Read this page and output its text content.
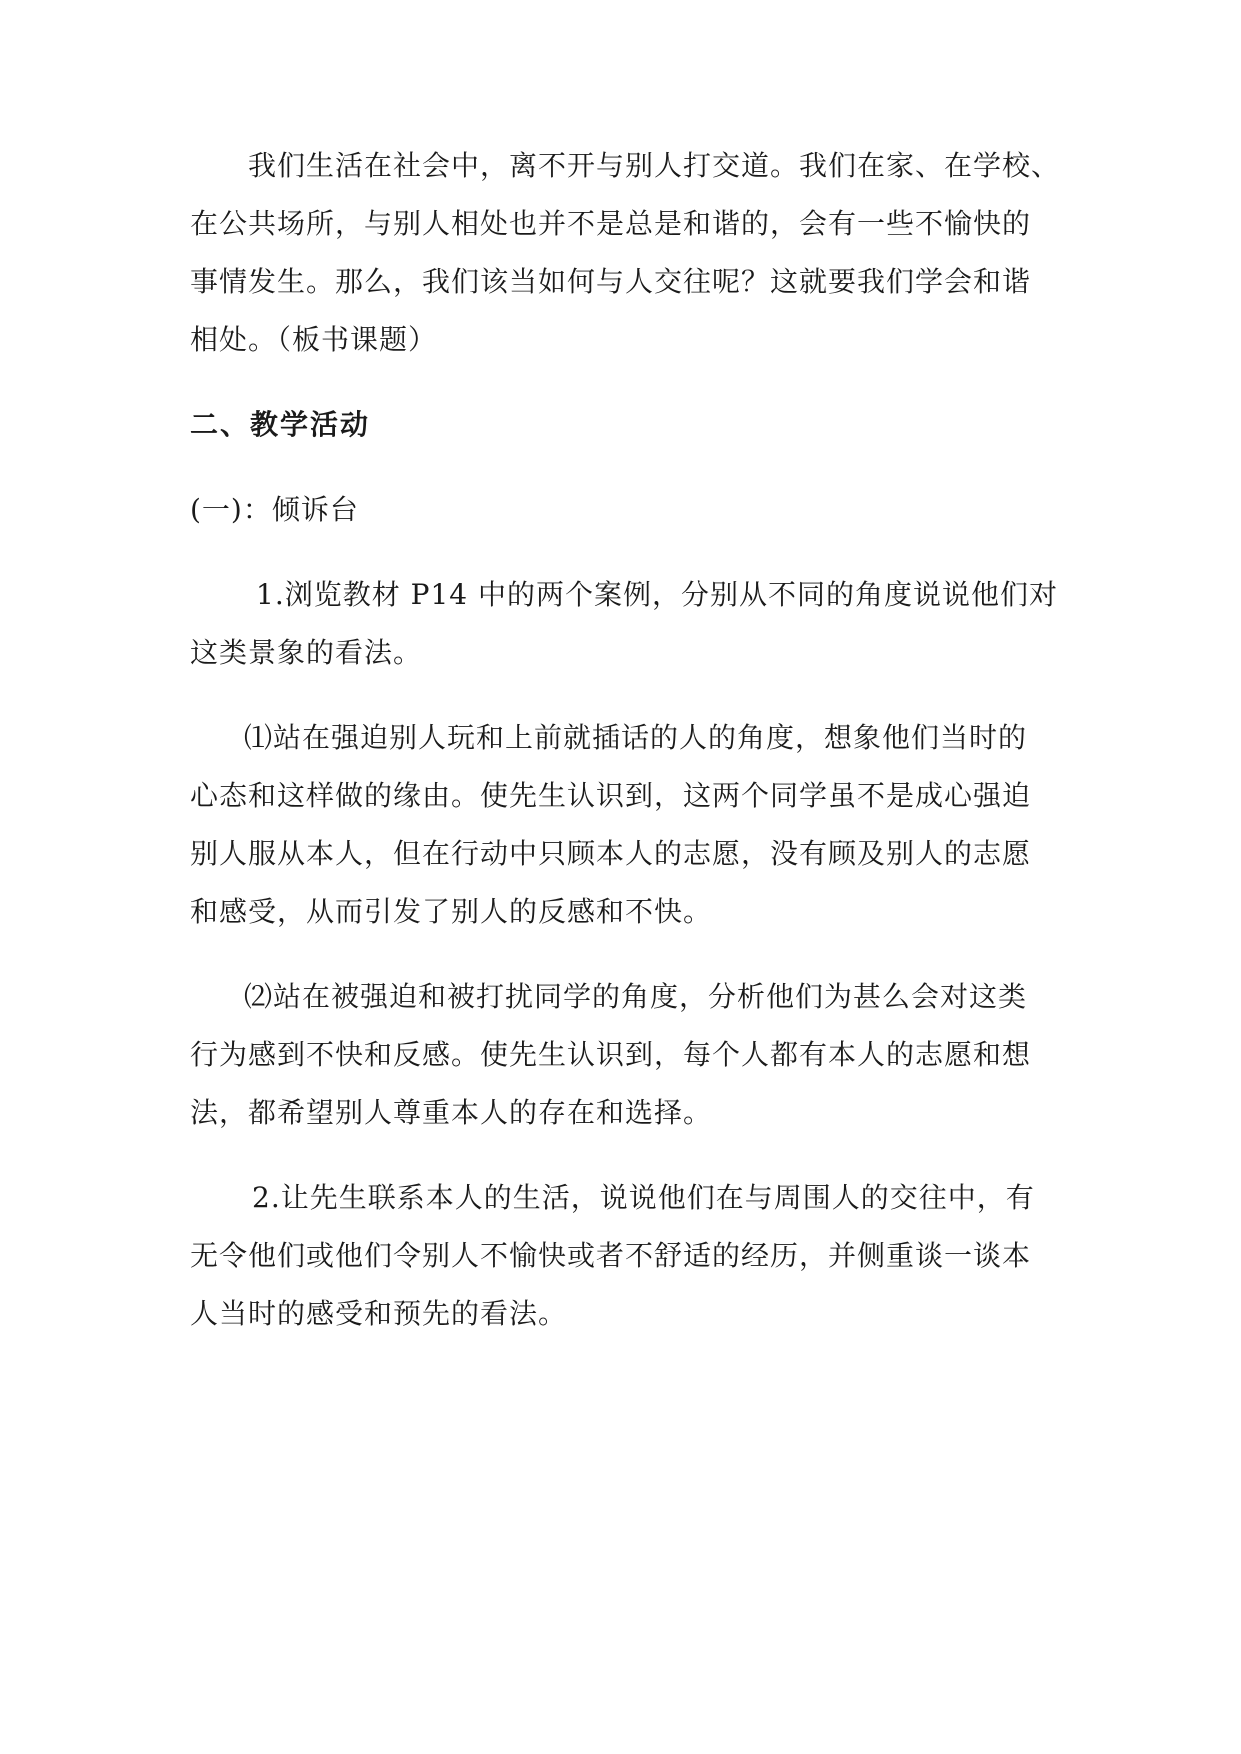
我们生活在社会中，离不开与别人打交道。我们在家、在学校、
在公共场所，与别人相处也并不是总是和谐的，会有一些不愉快的
事情发生。那么，我们该当如何与人交往呢？这就要我们学会和谐
相处。（板书课题）
二、教学活动
(一)：倾诉台
1.浏览教材 P14 中的两个案例，分别从不同的角度说说他们对
这类景象的看法。
⑴站在强迫别人玩和上前就插话的人的角度，想象他们当时的
心态和这样做的缘由。使先生认识到，这两个同学虽不是成心强迫
别人服从本人，但在行动中只顾本人的志愿，没有顾及别人的志愿
和感受，从而引发了别人的反感和不快。
⑵站在被强迫和被打扰同学的角度，分析他们为甚么会对这类
行为感到不快和反感。使先生认识到，每个人都有本人的志愿和想
法，都希望别人尊重本人的存在和选择。
2.让先生联系本人的生活，说说他们在与周围人的交往中，有
无令他们或他们令别人不愉快或者不舒适的经历，并侧重谈一谈本
人当时的感受和预先的看法。
